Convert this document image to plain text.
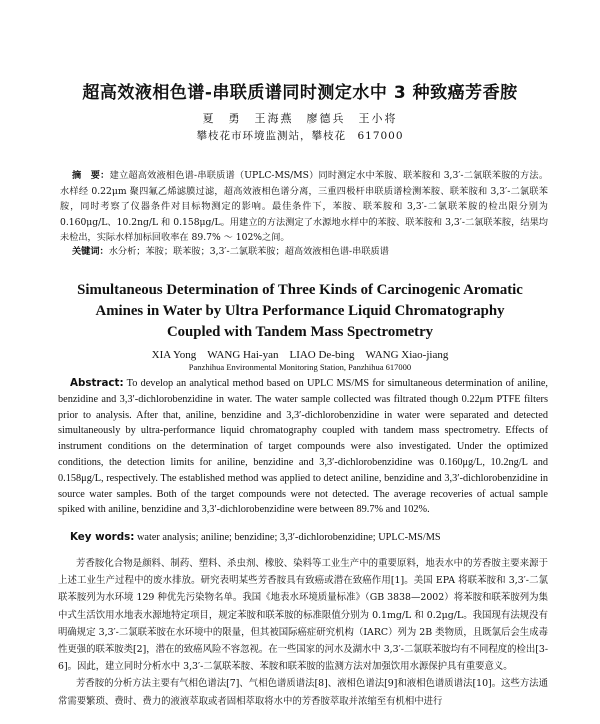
超高效液相色谱-串联质谱同时测定水中 3 种致癌芳香胺
夏　勇　王海燕　廖德兵　王小将
攀枝花市环境监测站，攀枝花　617000
摘　要：建立超高效液相色谱-串联质谱（UPLC-MS/MS）同时测定水中苯胺、联苯胺和 3,3′-二氯联苯胺的方法。水样经 0.22μm 聚四氟乙烯滤膜过滤，超高效液相色谱分离，三重四极杆串联质谱检测苯胺、联苯胺和 3,3′-二氯联苯胺，同时考察了仪器条件对目标物测定的影响。最佳条件下，苯胺、联苯胺和 3,3′-二氯联苯胺的检出限分别为 0.160μg/L、10.2ng/L 和 0.158μg/L。用建立的方法测定了水源地水样中的苯胺、联苯胺和 3,3′-二氯联苯胺，结果均未检出，实际水样加标回收率在 89.7% ～ 102%之间。
关键词：水分析；苯胺；联苯胺；3,3′-二氯联苯胺；超高效液相色谱-串联质谱
Simultaneous Determination of Three Kinds of Carcinogenic Aromatic
Amines in Water by Ultra Performance Liquid Chromatography
Coupled with Tandem Mass Spectrometry
XIA Yong　WANG Hai-yan　LIAO De-bing　WANG Xiao-jiang
Panzhihua Environmental Monitoring Station, Panzhihua 617000
Abstract: To develop an analytical method based on UPLC MS/MS for simultaneous determination of aniline, benzidine and 3,3′-dichlorobenzidine in water. The water sample collected was filtrated though 0.22μm PTFE filters prior to analysis. After that, aniline, benzidine and 3,3′-dichlorobenzidine in water were separated and detected simultaneously by ultra-performance liquid chromatography coupled with tandem mass spectrometry. Effects of instrument conditions on the determination of target compounds were also investigated. Under the optimized conditions, the detection limits for aniline, benzidine and 3,3′-dichlorobenzidine was 0.160μg/L, 10.2ng/L and 0.158μg/L, respectively. The established method was applied to detect aniline, benzidine and 3,3′-dichlorobenzidine in source water samples. Both of the target compounds were not detected. The average recoveries of actual sample spiked with aniline, benzidine and 3,3′-dichlorobenzidine were between 89.7% and 102%.
Key words: water analysis; aniline; benzidine; 3,3′-dichlorobenzidine; UPLC-MS/MS

芳香胺化合物是颜料、制药、塑料、杀虫剂、橡胶、染料等工业生产中的重要原料，地表水中的芳香胺主要来源于上述工业生产过程中的废水排放。研究表明某些芳香胺具有致癌或潜在致癌作用[1]。美国 EPA 将联苯胺和 3,3′-二氯联苯胺列为水环境 129 种优先污染物名单。我国《地表水环境质量标准》（GB 3838—2002）将苯胺和联苯胺列为集中式生活饮用水地表水源地特定项目，规定苯胺和联苯胺的标准限值分别为 0.1mg/L 和 0.2μg/L。我国现有法规没有明确规定 3,3′-二氯联苯胺在水环境中的限量，但其被国际癌症研究机构（IARC）列为 2B 类物质，且既氯后会生成毒性更强的联苯胺类[2]，潜在的致癌风险不容忽视。在一些国家的河水及湖水中 3,3′-二氯联苯胺均有不同程度的检出[3-6]。因此，建立同时分析水中 3,3′-二氯联苯胺、苯胺和联苯胺的监测方法对加强饮用水源保护具有重要意义。

芳香胺的分析方法主要有气相色谱法[7]、气相色谱质谱法[8]、液相色谱法[9]和液相色谱质谱法[10]。这些方法通常需要繁琐、费时、费力的液液萃取或者固相萃取将水中的芳香胺萃取并浓缩至有机相中进行
